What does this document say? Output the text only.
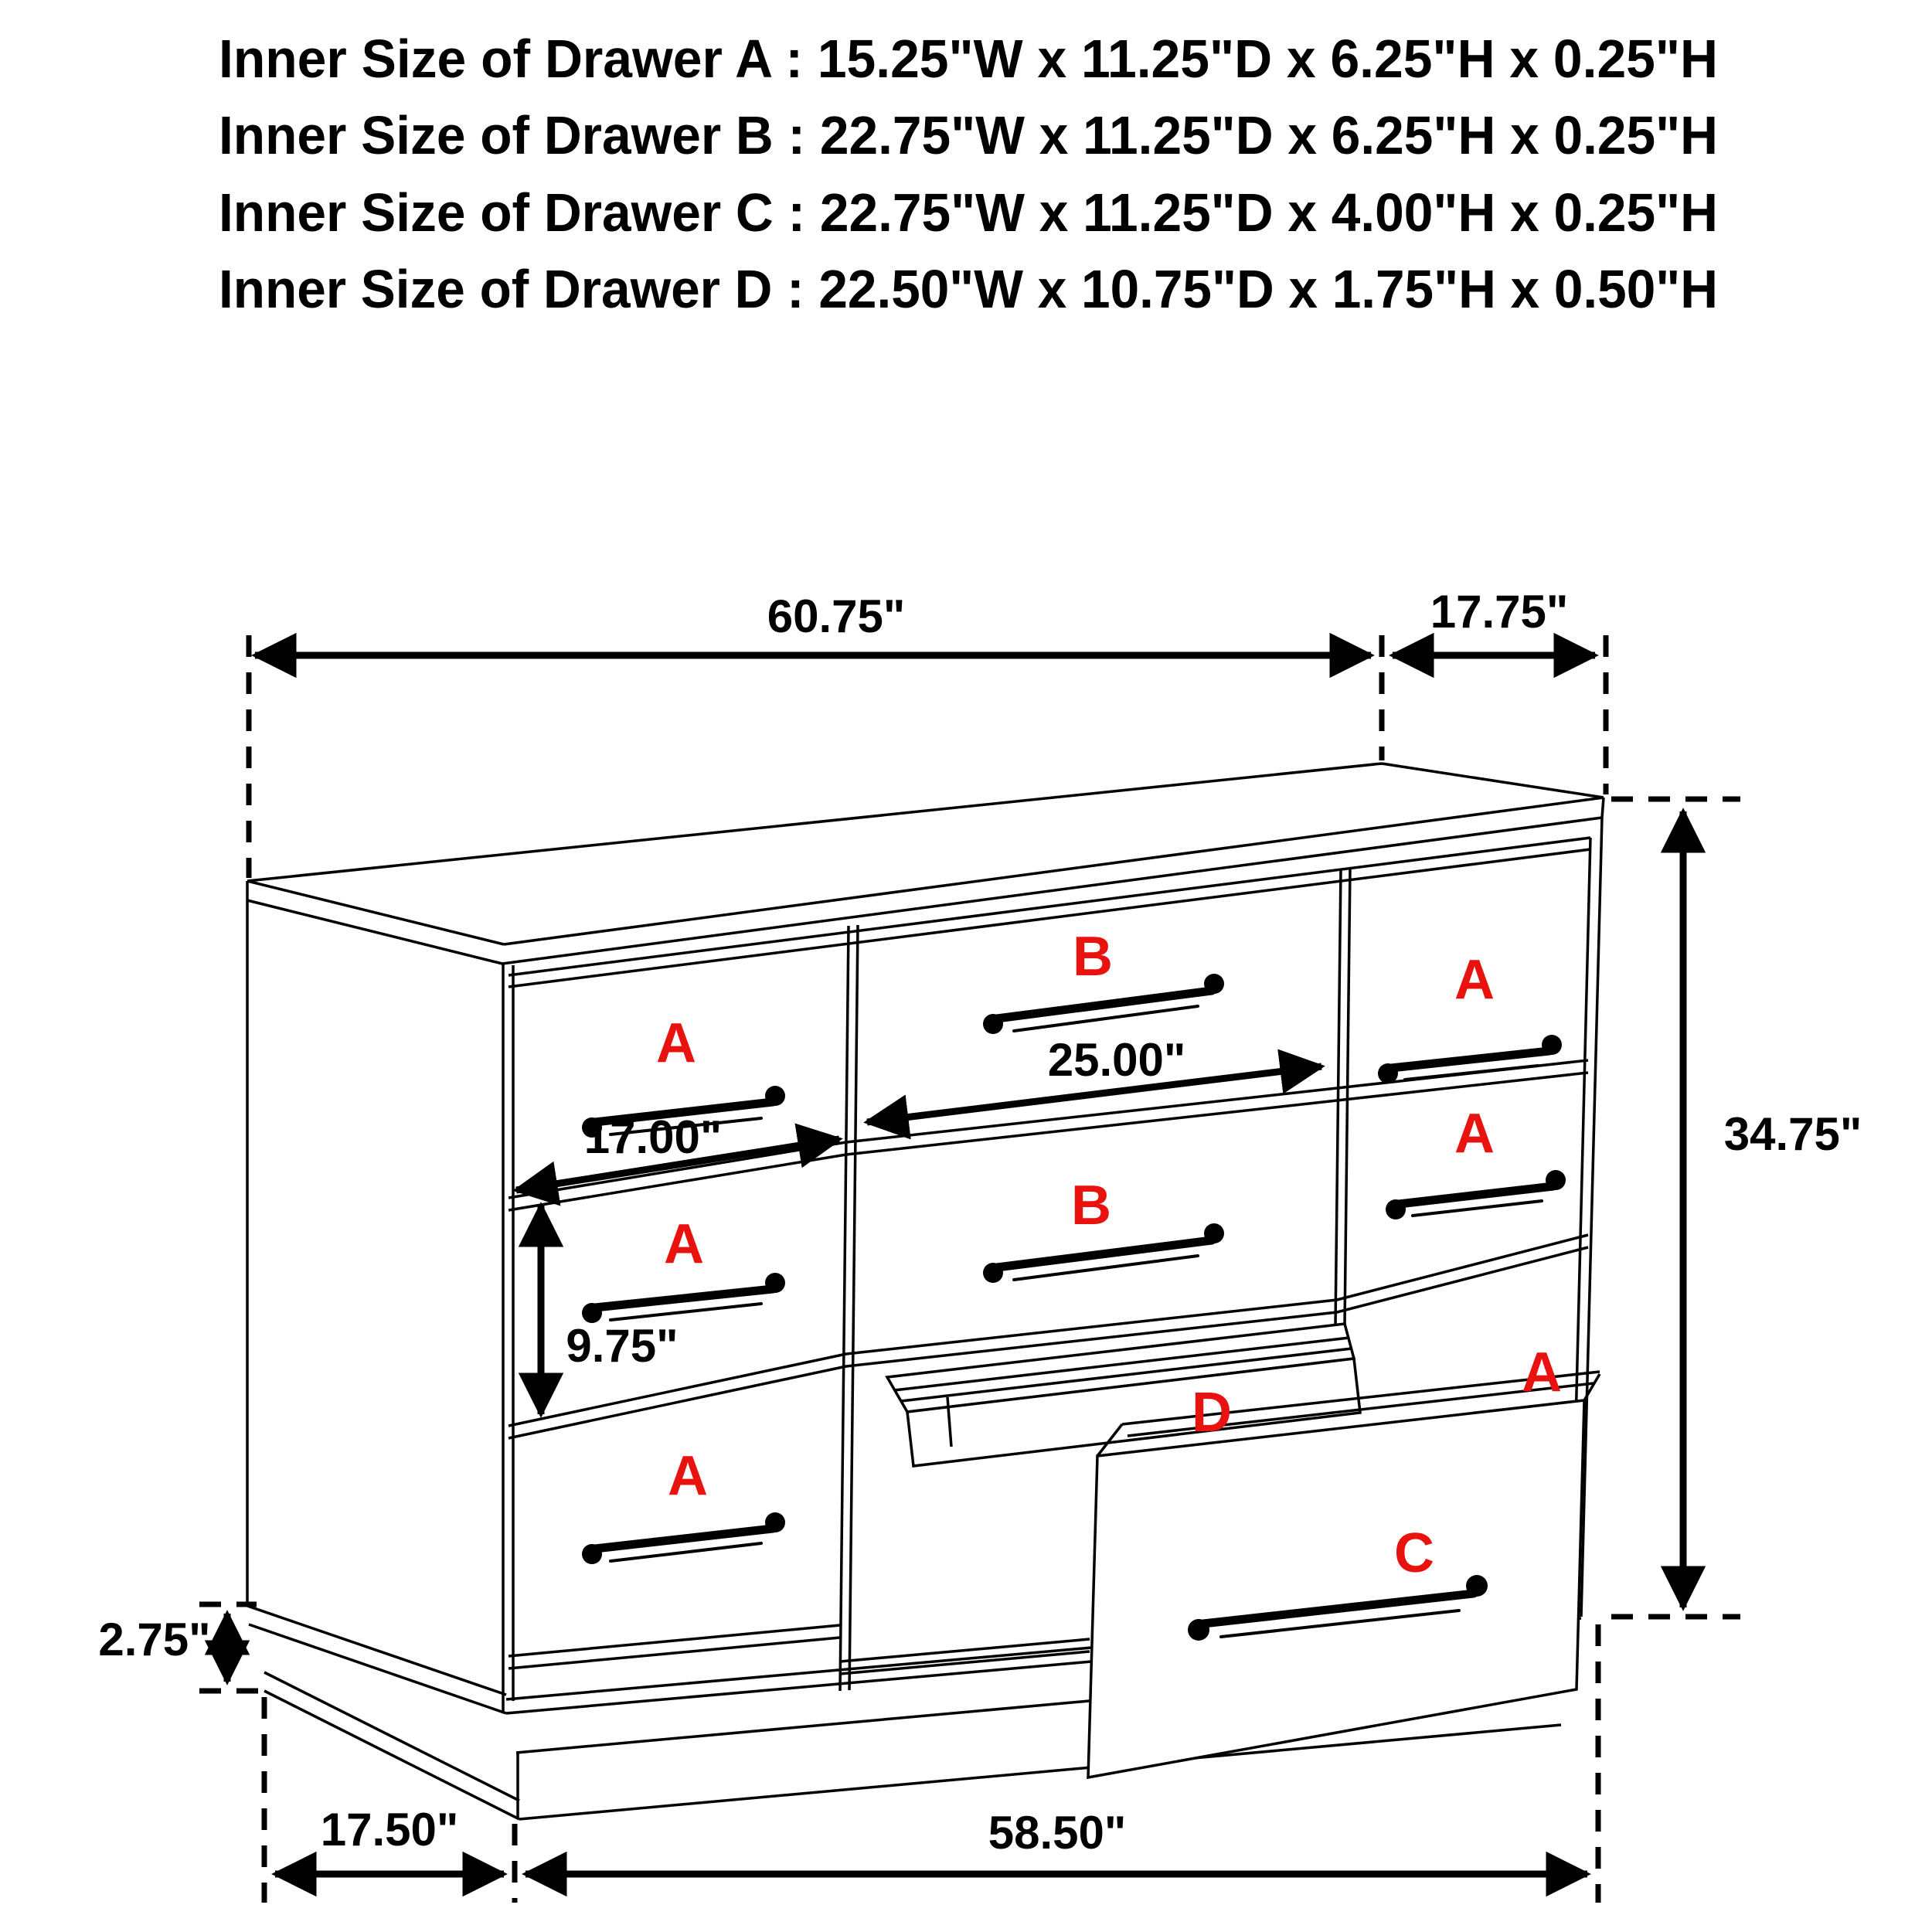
Inner Size of Drawer A : 15.25"W x 11.25"D x 6.25"H x 0.25"H
Inner Size of Drawer B : 22.75"W x 11.25"D x 6.25"H x 0.25"H
Inner Size of Drawer C : 22.75"W x 11.25"D x 4.00"H x 0.25"H
Inner Size of Drawer D : 22.50"W x 10.75"D x 1.75"H x 0.50"H
60.75"	17.75"
34.75"
25.00"
17.00"
9.75"
2.75"
17.50"	58.50"
A
A
A
B
B
A
A
A
C
D
